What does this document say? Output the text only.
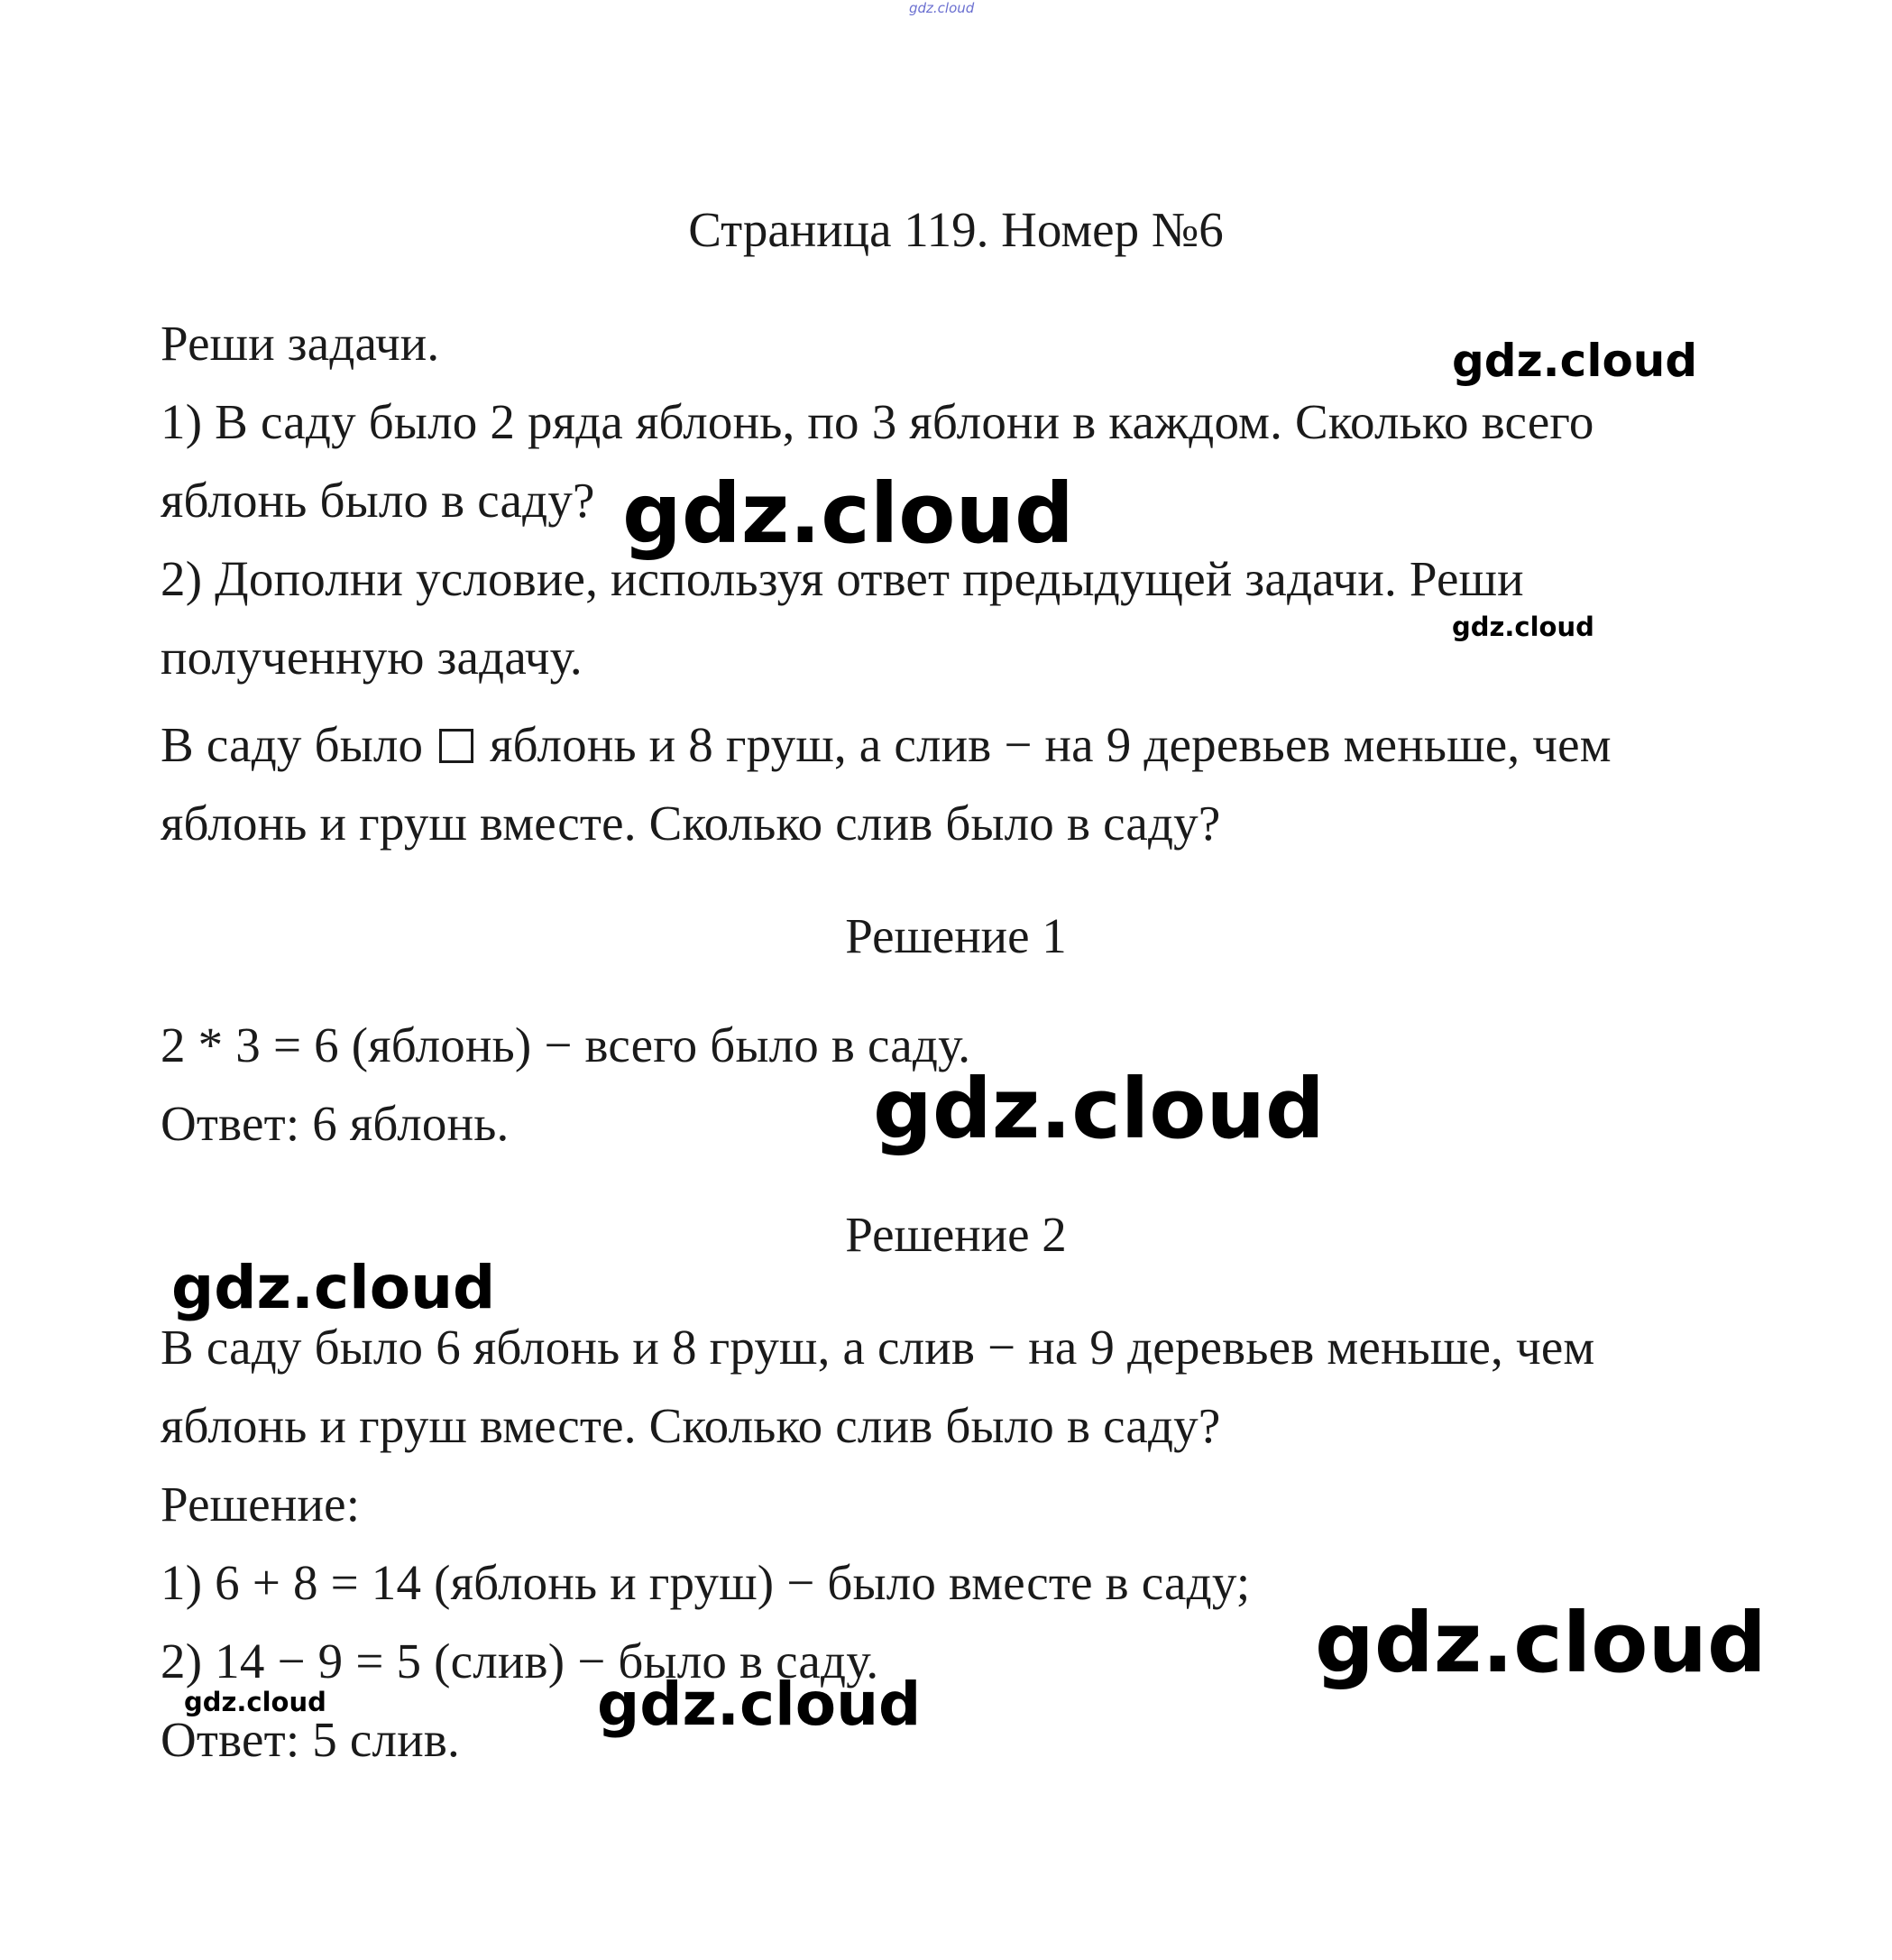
gdz.cloud
Страница 119. Номер №6
Реши задачи.
1) В саду было 2 ряда яблонь, по 3 яблони в каждом. Сколько всего
яблонь было в саду?
2) Дополни условие, используя ответ предыдущей задачи. Реши
полученную задачу.
В саду было яблонь и 8 груш, а слив − на 9 деревьев меньше, чем
яблонь и груш вместе. Сколько слив было в саду?
Решение 1
2 * 3 = 6 (яблонь) − всего было в саду.
Ответ: 6 яблонь.
Решение 2
В саду было 6 яблонь и 8 груш, а слив − на 9 деревьев меньше, чем
яблонь и груш вместе. Сколько слив было в саду?
Решение:
1) 6 + 8 = 14 (яблонь и груш) − было вместе в саду;
2) 14 − 9 = 5 (слив) − было в саду.
Ответ: 5 слив.
gdz.cloud
gdz.cloud
gdz.cloud
gdz.cloud
gdz.cloud
gdz.cloud
gdz.cloud	gdz.cloud
